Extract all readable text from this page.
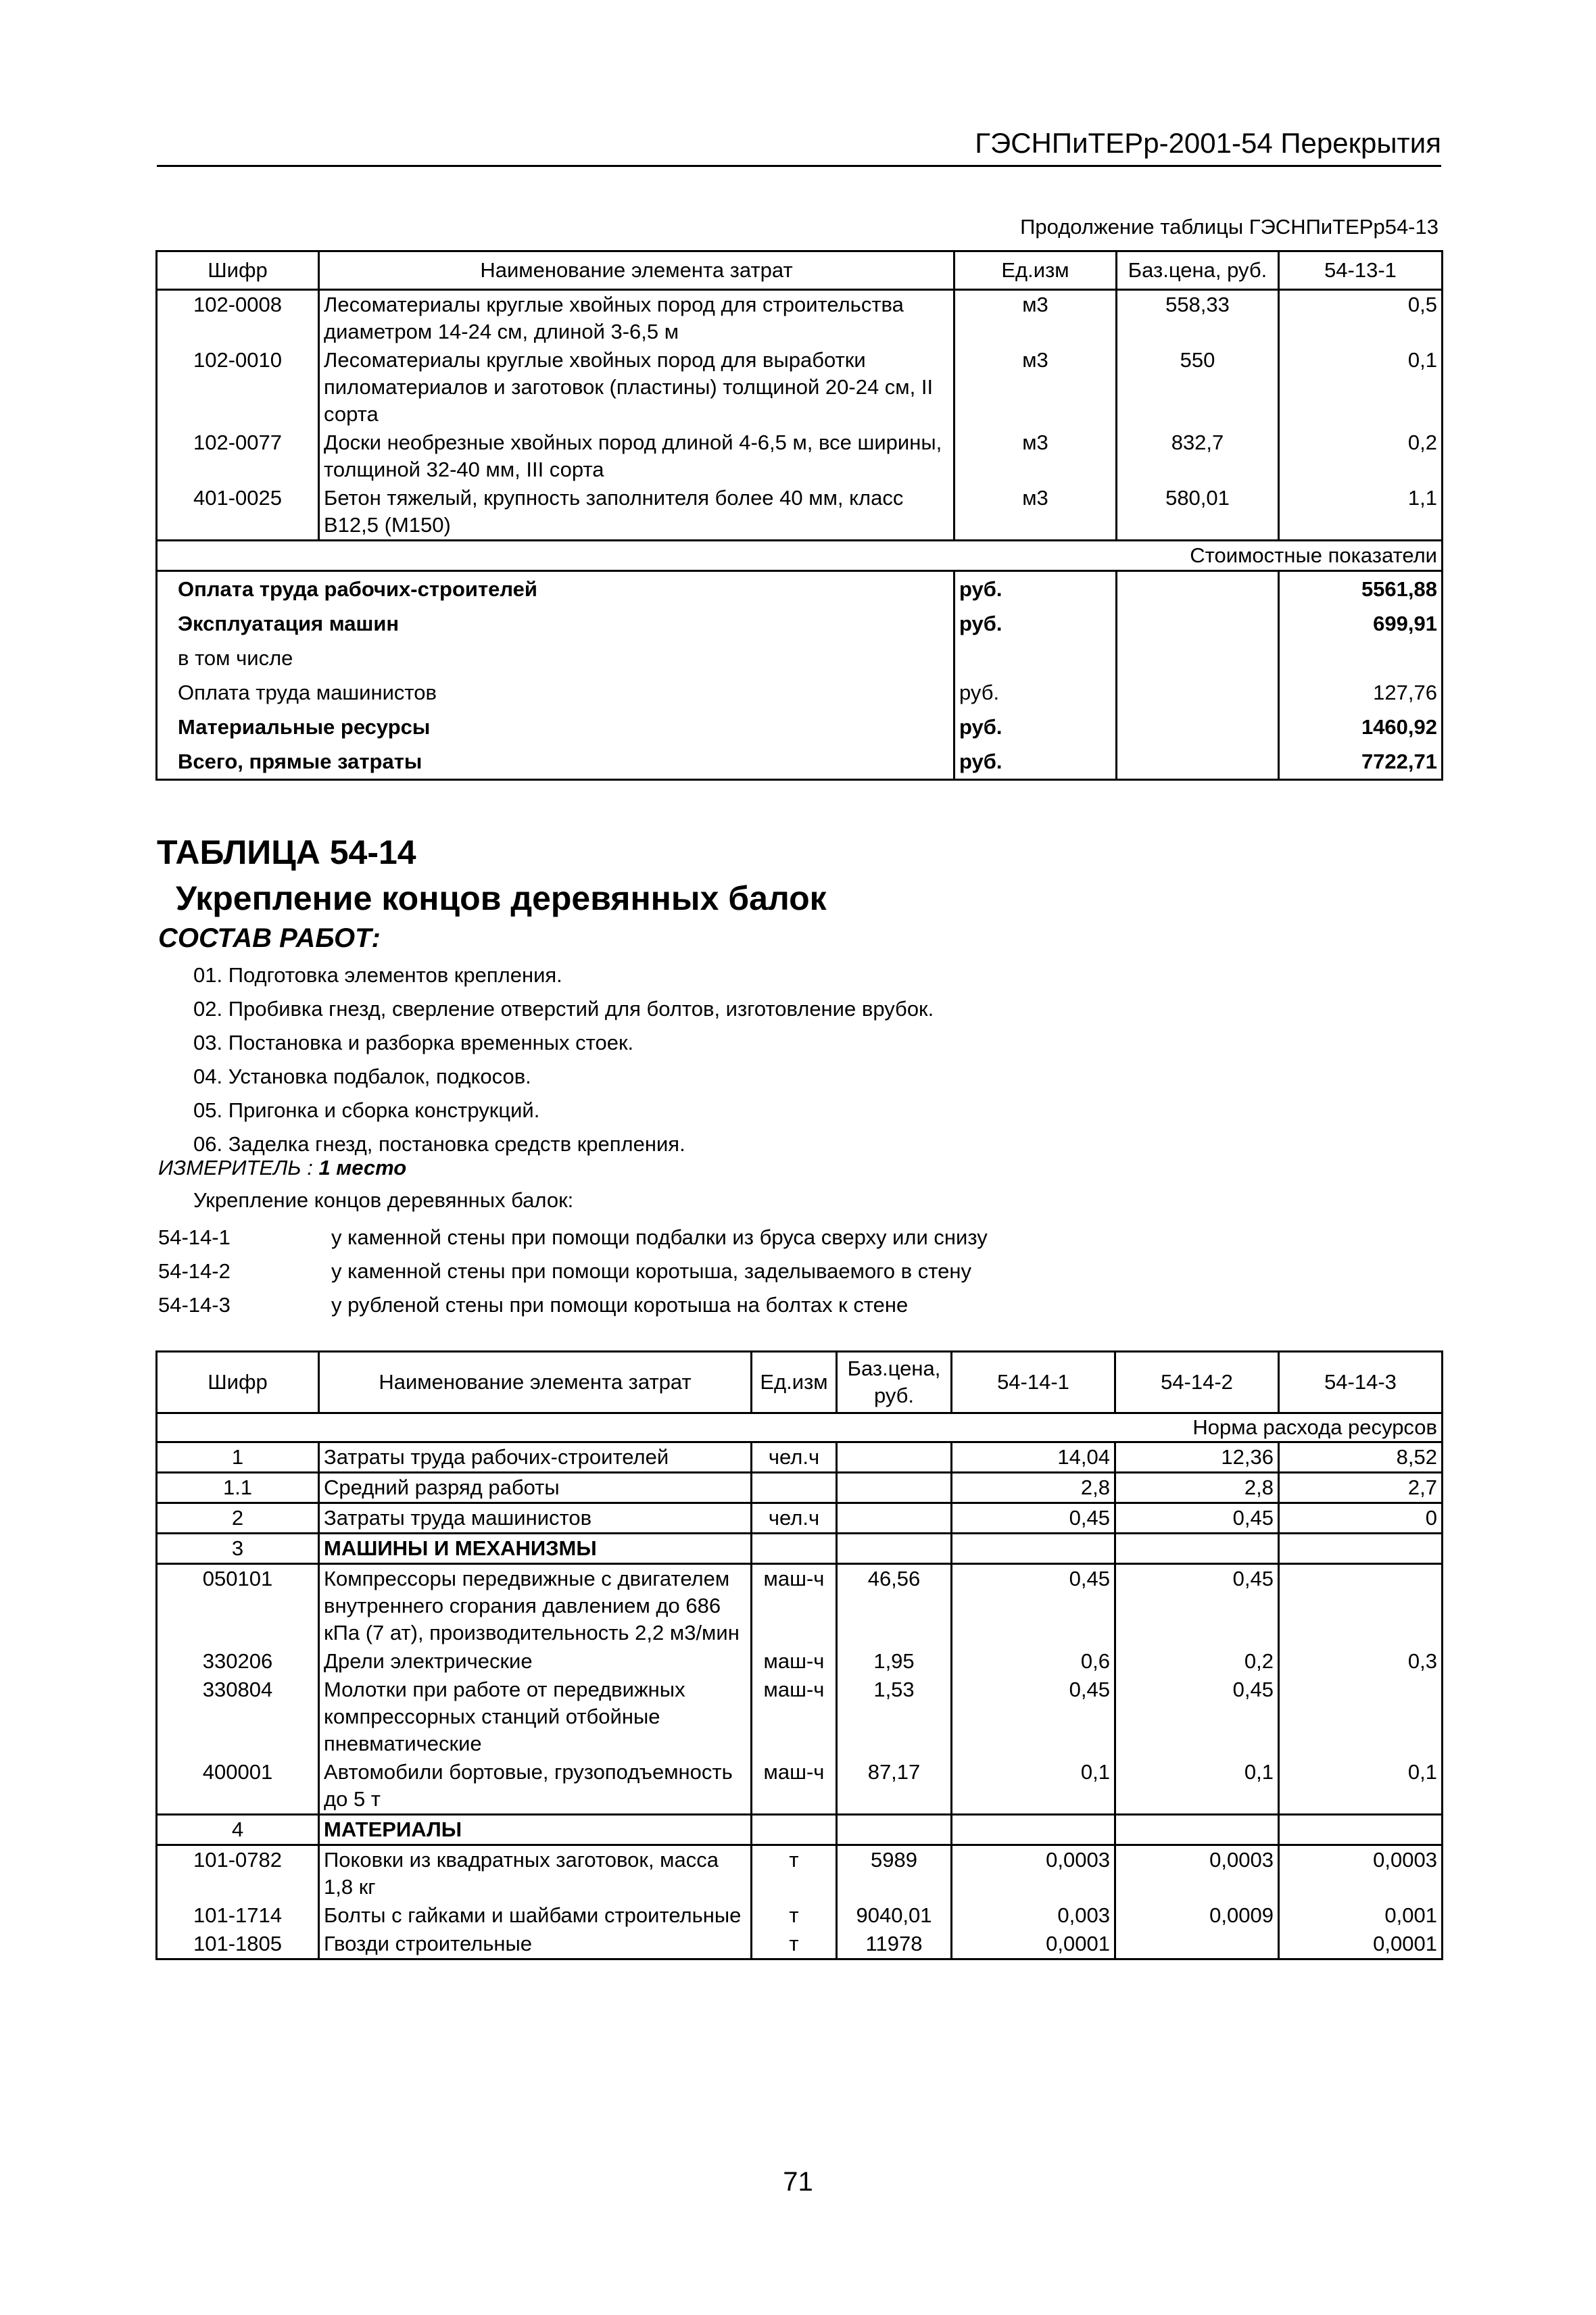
ГЭСНПиТЕРр-2001-54 Перекрытия
Продолжение таблицы ГЭСНПиТЕРр54-13
Шифр	Наименование элемента затрат	Ед.изм	Баз.цена, руб.	54-13-1
102-0008	Лесоматериалы круглые хвойных пород для строительства диаметром 14-24 см, длиной 3-6,5 м	м3	558,33	0,5
102-0010	Лесоматериалы круглые хвойных пород для выработки пиломатериалов и заготовок (пластины) толщиной 20-24 см, II сорта	м3	550	0,1
102-0077	Доски необрезные хвойных пород длиной 4-6,5 м, все ширины, толщиной 32-40 мм, III сорта	м3	832,7	0,2
401-0025	Бетон тяжелый, крупность заполнителя более 40 мм, класс В12,5 (М150)	м3	580,01	1,1
Стоимостные показатели				
Оплата труда рабочих-строителей		руб.		5561,88
Эксплуатация машин		руб.		699,91
в том числе				
Оплата труда машинистов		руб.		127,76
Материальные ресурсы		руб.		1460,92
Всего, прямые затраты		руб.		7722,71
ТАБЛИЦА 54-14
Укрепление концов деревянных балок
СОСТАВ РАБОТ:
01. Подготовка элементов крепления.
02. Пробивка гнезд, сверление отверстий для болтов, изготовление врубок.
03. Постановка и разборка временных стоек.
04. Установка подбалок, подкосов.
05. Пригонка и сборка конструкций.
06. Заделка гнезд, постановка средств крепления.
ИЗМЕРИТЕЛЬ : 1 место
Укрепление концов деревянных балок:
54-14-1	у каменной стены при помощи подбалки из бруса сверху или снизу
54-14-2	у каменной стены при помощи коротыша, заделываемого в стену
54-14-3	у рубленой стены при помощи коротыша на болтах к стене
Шифр	Наименование элемента затрат	Ед.изм	Баз.цена, руб.	54-14-1	54-14-2	54-14-3
Норма расхода ресурсов						
1	Затраты труда рабочих-строителей	чел.ч		14,04	12,36	8,52
1.1	Средний разряд работы			2,8	2,8	2,7
2	Затраты труда машинистов	чел.ч		0,45	0,45	0
3	МАШИНЫ И МЕХАНИЗМЫ					
050101	Компрессоры передвижные с двигателем внутреннего сгорания давлением до 686 кПа (7 ат), производительность 2,2 м3/мин	маш-ч	46,56	0,45	0,45	
330206	Дрели электрические	маш-ч	1,95	0,6	0,2	0,3
330804	Молотки при работе от передвижных компрессорных станций отбойные пневматические	маш-ч	1,53	0,45	0,45	
400001	Автомобили бортовые, грузоподъемность до 5 т	маш-ч	87,17	0,1	0,1	0,1
4	МАТЕРИАЛЫ					
101-0782	Поковки из квадратных заготовок, масса 1,8 кг	т	5989	0,0003	0,0003	0,0003
101-1714	Болты с гайками и шайбами строительные	т	9040,01	0,003	0,0009	0,001
101-1805	Гвозди строительные	т	11978	0,0001		0,0001
71
